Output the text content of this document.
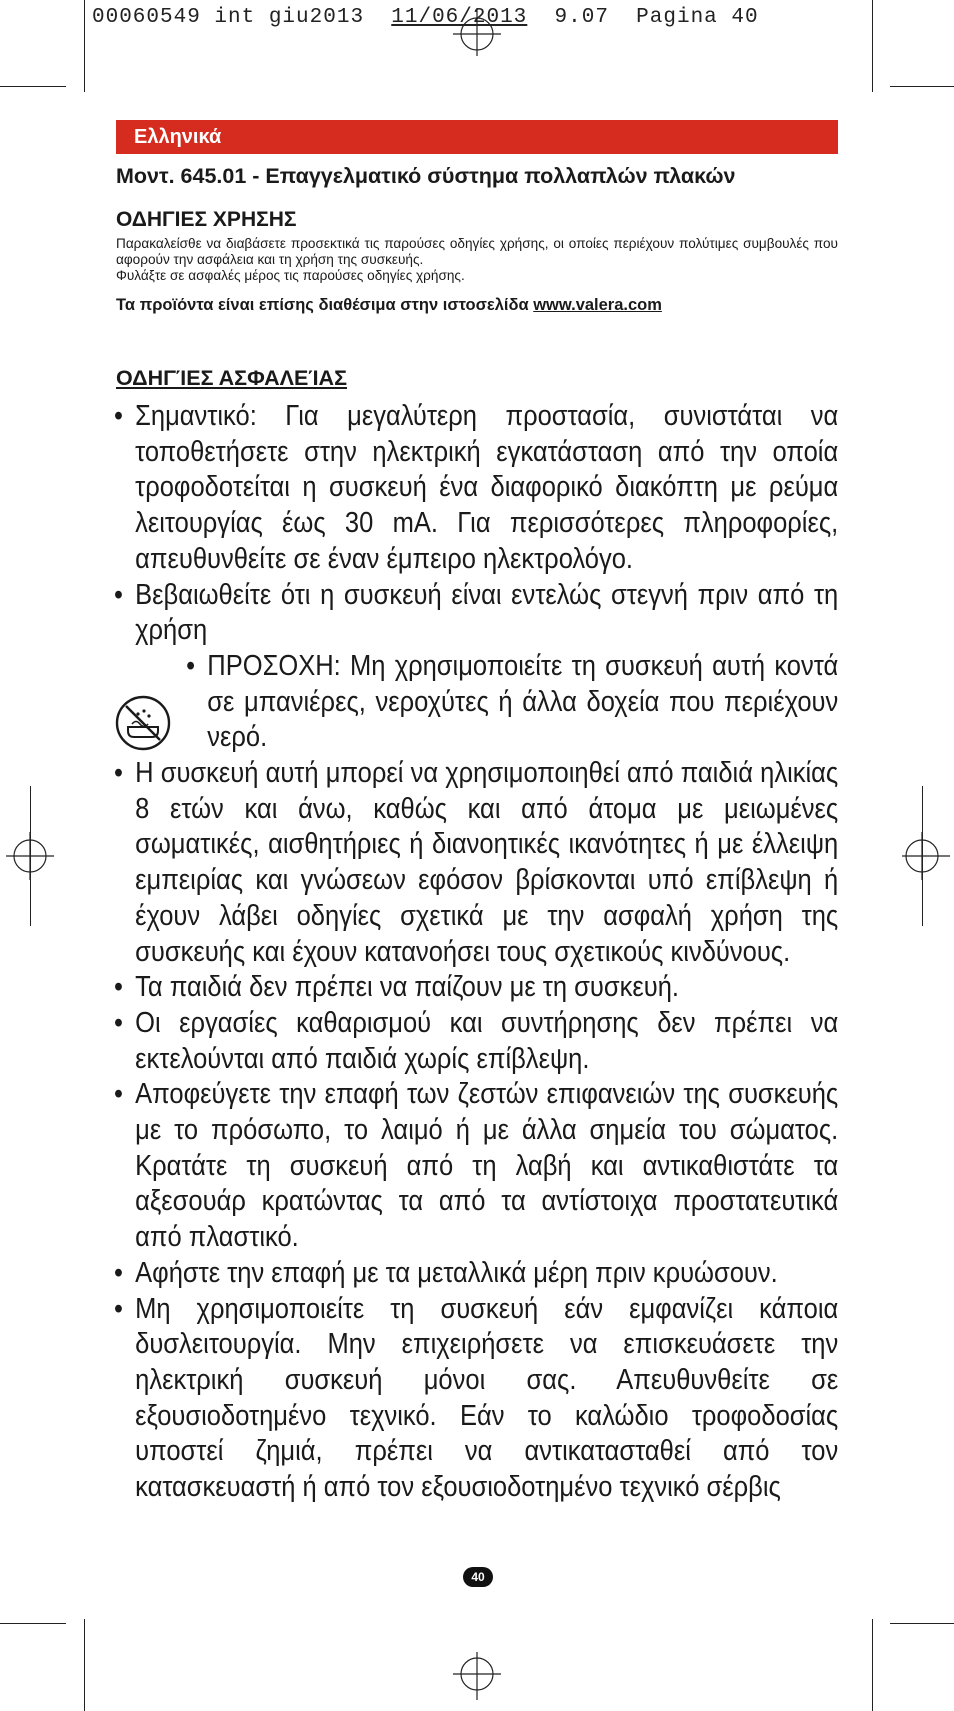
00060549 int giu2013 11/06/2013 9.07 Pagina 40
Ελληνικά
Μοντ. 645.01 - Επαγγελματικό σύστημα πολλαπλών πλακών
ΟΔΗΓΙΕΣ ΧΡΗΣΗΣ

Παρακαλείσθε να διαβάσετε προσεκτικά τις παρούσες οδηγίες χρήσης, οι οποίες περιέχουν πολύτιμες συμβουλές που αφορούν την ασφάλεια και τη χρήση της συσκευής.

Φυλάξτε σε ασφαλές μέρος τις παρούσες οδηγίες χρήσης.

Τα προϊόντα είναι επίσης διαθέσιμα στην ιστοσελίδα www.valera.com
ΟΔΗΓΊΕΣ ΑΣΦΑΛΕΊΑΣ
• Σημαντικό: Για μεγαλύτερη προστασία, συνιστάται να τοποθετήσετε στην ηλεκτρική εγκατάσταση από την οποία τροφοδοτείται η συσκευή ένα διαφορικό διακόπτη με ρεύμα λειτουργίας έως 30 mA. Για περισσότερες πληροφορίες, απευθυνθείτε σε έναν έμπειρο ηλεκτρολόγο.
• Βεβαιωθείτε ότι η συσκευή είναι εντελώς στεγνή πριν από τη χρήση
• ΠΡΟΣΟΧΗ: Μη χρησιμοποιείτε τη συσκευή αυτή κοντά σε μπανιέρες, νεροχύτες ή άλλα δοχεία που περιέχουν νερό.
• Η συσκευή αυτή μπορεί να χρησιμοποιηθεί από παιδιά ηλικίας 8 ετών και άνω, καθώς και από άτομα με μειωμένες σωματικές, αισθητήριες ή διανοητικές ικανότητες ή με έλλειψη εμπειρίας και γνώσεων εφόσον βρίσκονται υπό επίβλεψη ή έχουν λάβει οδηγίες σχετικά με την ασφαλή χρήση της συσκευής και έχουν κατανοήσει τους σχετικούς κινδύνους.
• Τα παιδιά δεν πρέπει να παίζουν με τη συσκευή.
• Οι εργασίες καθαρισμού και συντήρησης δεν πρέπει να εκτελούνται από παιδιά χωρίς επίβλεψη.
• Αποφεύγετε την επαφή των ζεστών επιφανειών της συσκευής με το πρόσωπο, το λαιμό ή με άλλα σημεία του σώματος. Κρατάτε τη συσκευή από τη λαβή και αντικαθιστάτε τα αξεσουάρ κρατώντας τα από τα αντίστοιχα προστατευτικά από πλαστικό.
• Αφήστε την επαφή με τα μεταλλικά μέρη πριν κρυώσουν.
• Μη χρησιμοποιείτε τη συσκευή εάν εμφανίζει κάποια δυσλειτουργία. Μην επιχειρήσετε να επισκευάσετε την ηλεκτρική συσκευή μόνοι σας. Απευθυνθείτε σε εξουσιοδοτημένο τεχνικό. Εάν το καλώδιο τροφοδοσίας υποστεί ζημιά, πρέπει να αντικατασταθεί από τον κατασκευαστή ή από τον εξουσιοδοτημένο τεχνικό σέρβις
40
